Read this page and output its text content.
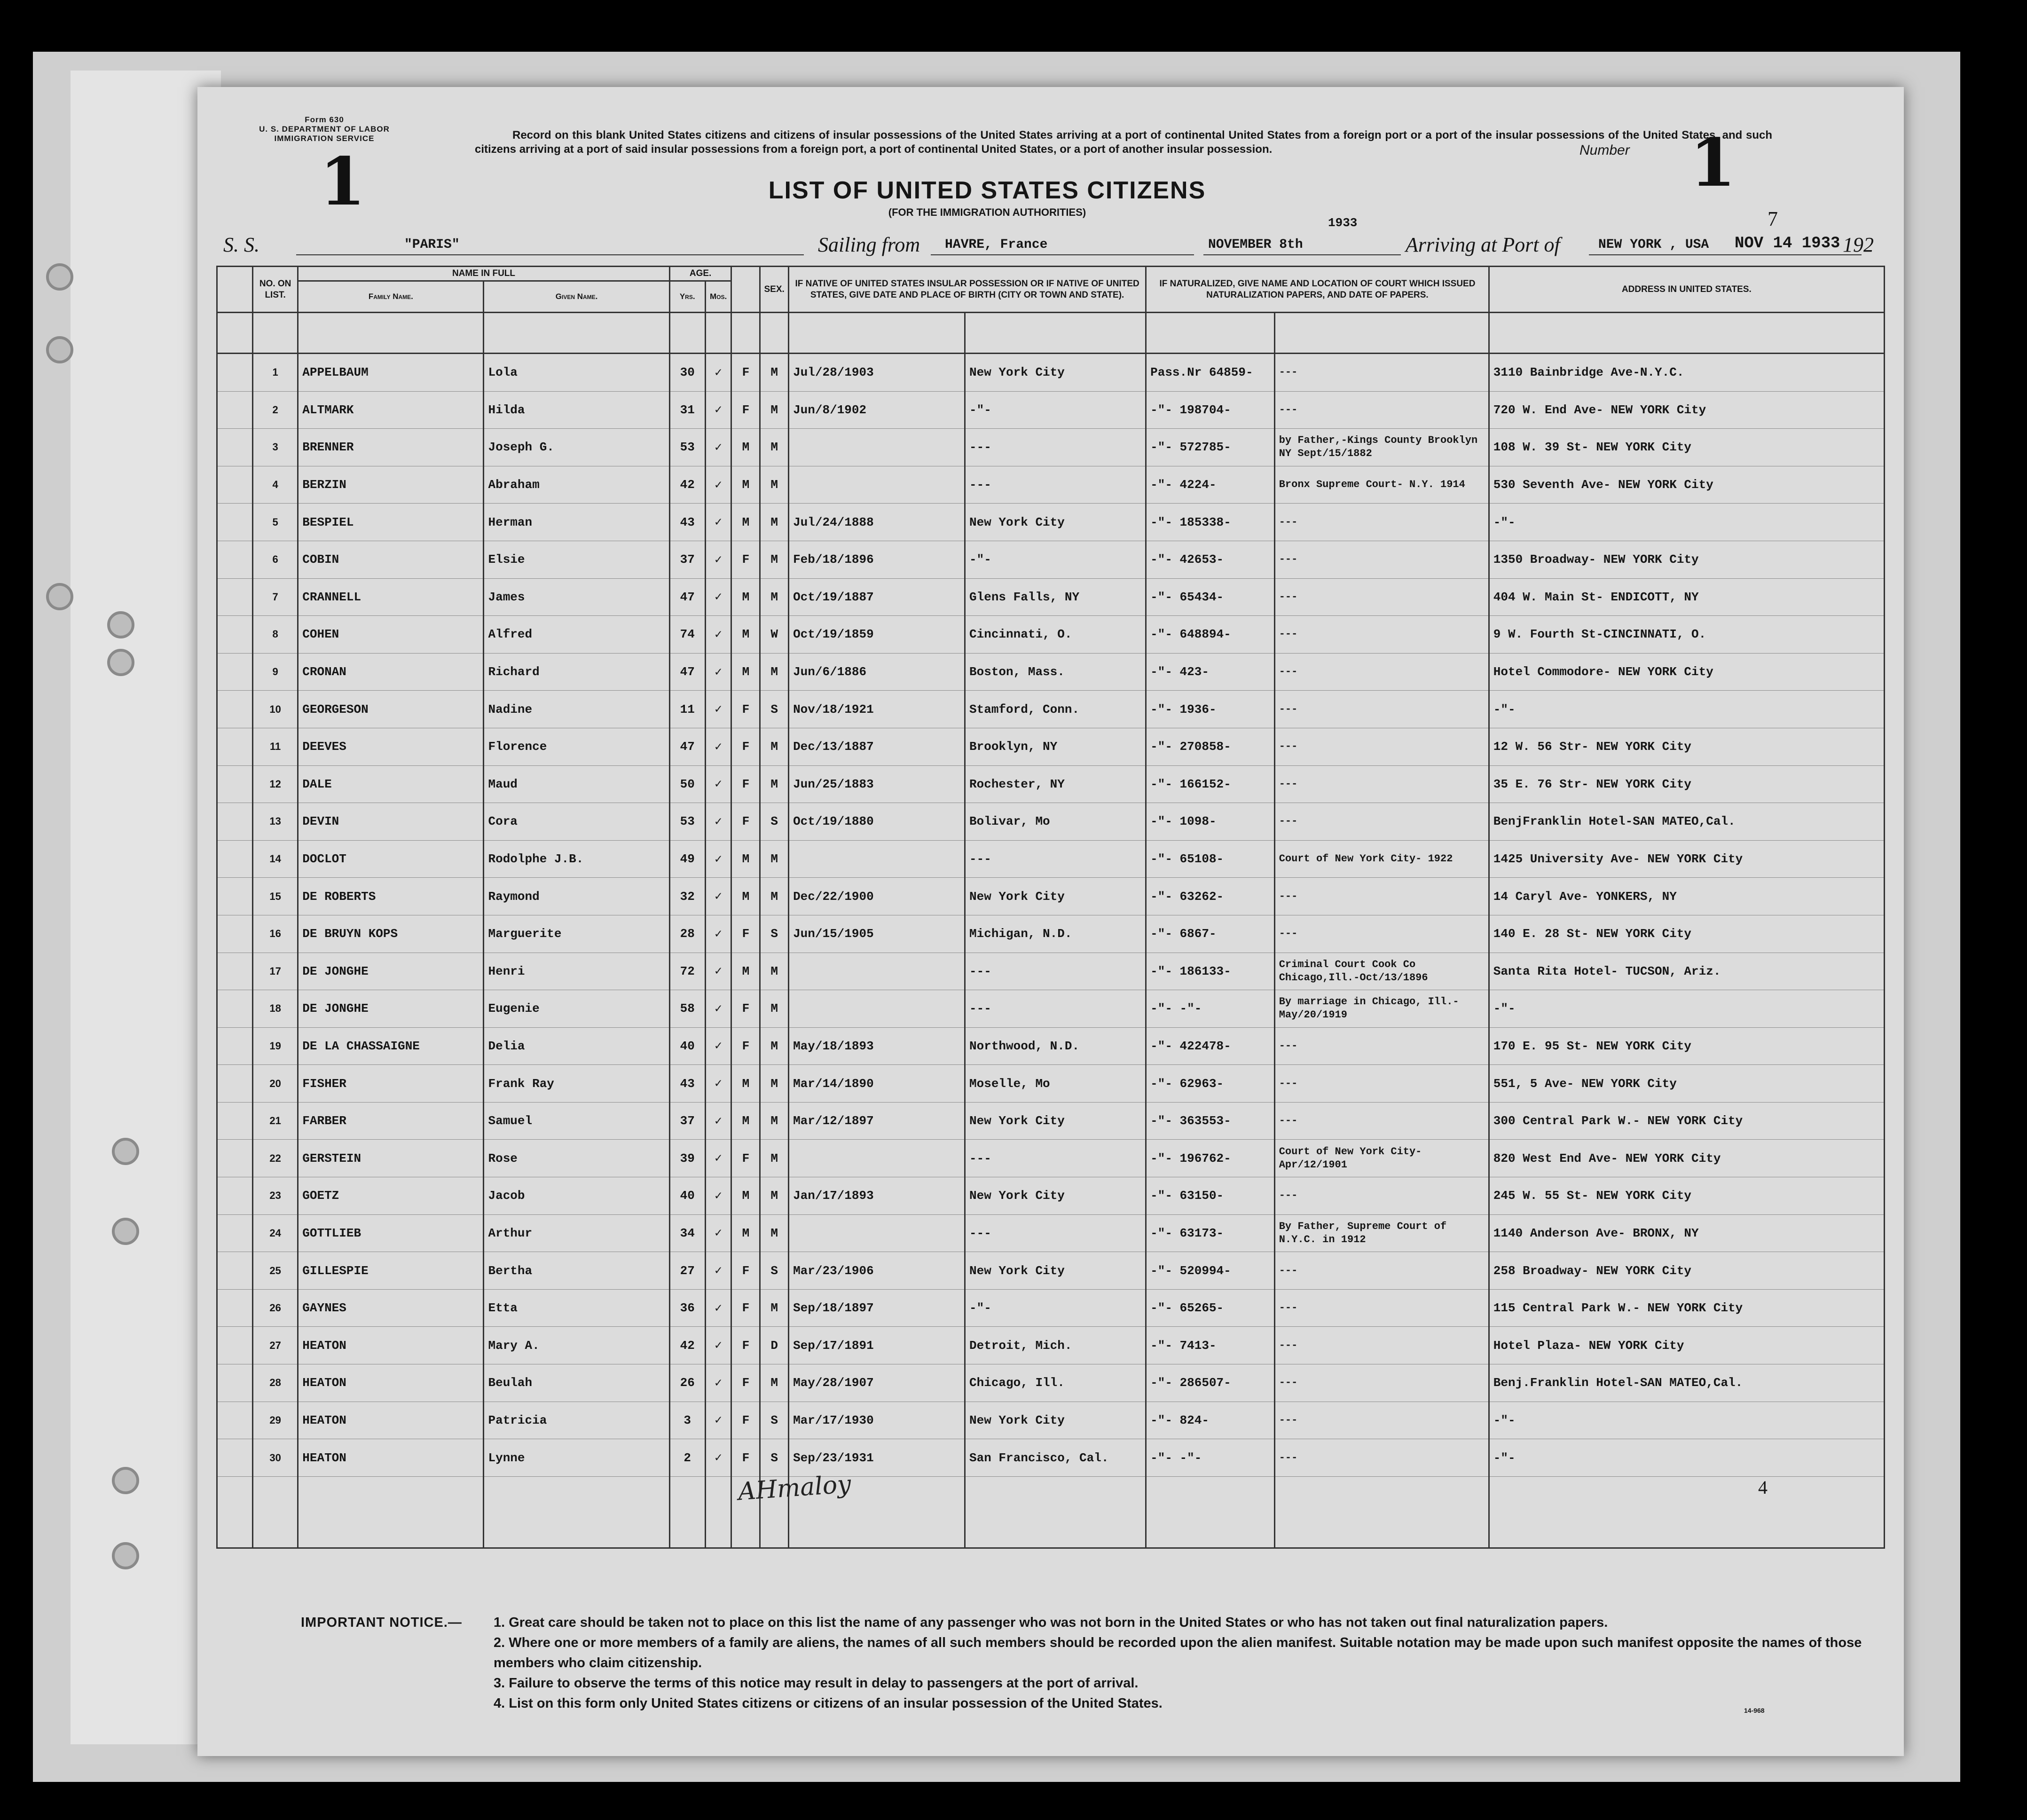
Form 630
U. S. DEPARTMENT OF LABOR
IMMIGRATION SERVICE
1
Record on this blank United States citizens and citizens of insular possessions of the United States arriving at a port of continental United States from a foreign port or a port of the insular possessions of the United States, and such citizens arriving at a port of said insular possessions from a foreign port, a port of continental United States, or a port of another insular possession.	Number 1
LIST OF UNITED STATES CITIZENS
(FOR THE IMMIGRATION AUTHORITIES)	7
S. S.	"PARIS"	Sailing from HAVRE, France	NOVEMBER 8th
1933
Arriving at Port of	NEW YORK , USA NOV 14 1933 192
	NO. ON LIST.	NAME IN FULL		AGE.			SEX.	IF NATIVE OF UNITED STATES INSULAR POSSESSION OR IF NATIVE OF UNITED STATES, GIVE DATE AND PLACE OF BIRTH (CITY OR TOWN AND STATE).		IF NATURALIZED, GIVE NAME AND LOCATION OF COURT WHICH ISSUED NATURALIZATION PAPERS, AND DATE OF PAPERS.		ADDRESS IN UNITED STATES.
		Family Name.	Given Name.	Yrs.	Mos.							

	1	APPELBAUM	Lola	30	✓	F	M	Jul/28/1903	New York City	Pass.Nr 64859-	---	3110 Bainbridge Ave-N.Y.C.
	2	ALTMARK	Hilda	31	✓	F	M	Jun/8/1902	-"-	-"- 198704-	---	720 W. End Ave- NEW YORK City
	3	BRENNER	Joseph G.	53	✓	M	M		---	-"- 572785-	by Father,-Kings County Brooklyn NY Sept/15/1882	108 W. 39 St- NEW YORK City
	4	BERZIN	Abraham	42	✓	M	M		---	-"- 4224-	Bronx Supreme Court- N.Y. 1914	530 Seventh Ave- NEW YORK City
	5	BESPIEL	Herman	43	✓	M	M	Jul/24/1888	New York City	-"- 185338-	---	-"-
	6	COBIN	Elsie	37	✓	F	M	Feb/18/1896	-"-	-"- 42653-	---	1350 Broadway- NEW YORK City
	7	CRANNELL	James	47	✓	M	M	Oct/19/1887	Glens Falls, NY	-"- 65434-	---	404 W. Main St- ENDICOTT, NY
	8	COHEN	Alfred	74	✓	M	W	Oct/19/1859	Cincinnati, O.	-"- 648894-	---	9 W. Fourth St-CINCINNATI, O.
	9	CRONAN	Richard	47	✓	M	M	Jun/6/1886	Boston, Mass.	-"- 423-	---	Hotel Commodore- NEW YORK City
	10	GEORGESON	Nadine	11	✓	F	S	Nov/18/1921	Stamford, Conn.	-"- 1936-	---	-"-
	11	DEEVES	Florence	47	✓	F	M	Dec/13/1887	Brooklyn, NY	-"- 270858-	---	12 W. 56 Str- NEW YORK City
	12	DALE	Maud	50	✓	F	M	Jun/25/1883	Rochester, NY	-"- 166152-	---	35 E. 76 Str- NEW YORK City
	13	DEVIN	Cora	53	✓	F	S	Oct/19/1880	Bolivar, Mo	-"- 1098-	---	BenjFranklin Hotel-SAN MATEO,Cal.
	14	DOCLOT	Rodolphe J.B.	49	✓	M	M		---	-"- 65108-	Court of New York City- 1922	1425 University Ave- NEW YORK City
	15	DE ROBERTS	Raymond	32	✓	M	M	Dec/22/1900	New York City	-"- 63262-	---	14 Caryl Ave- YONKERS, NY
	16	DE BRUYN KOPS	Marguerite	28	✓	F	S	Jun/15/1905	Michigan, N.D.	-"- 6867-	---	140 E. 28 St- NEW YORK City
	17	DE JONGHE	Henri	72	✓	M	M		---	-"- 186133-	Criminal Court Cook Co Chicago,Ill.-Oct/13/1896	Santa Rita Hotel- TUCSON, Ariz.
	18	DE JONGHE	Eugenie	58	✓	F	M		---	-"- -"-	By marriage in Chicago, Ill.- May/20/1919	-"-
	19	DE LA CHASSAIGNE	Delia	40	✓	F	M	May/18/1893	Northwood, N.D.	-"- 422478-	---	170 E. 95 St- NEW YORK City
	20	FISHER	Frank Ray	43	✓	M	M	Mar/14/1890	Moselle, Mo	-"- 62963-	---	551, 5 Ave- NEW YORK City
	21	FARBER	Samuel	37	✓	M	M	Mar/12/1897	New York City	-"- 363553-	---	300 Central Park W.- NEW YORK City
	22	GERSTEIN	Rose	39	✓	F	M		---	-"- 196762-	Court of New York City- Apr/12/1901	820 West End Ave- NEW YORK City
	23	GOETZ	Jacob	40	✓	M	M	Jan/17/1893	New York City	-"- 63150-	---	245 W. 55 St- NEW YORK City
	24	GOTTLIEB	Arthur	34	✓	M	M		---	-"- 63173-	By Father, Supreme Court of N.Y.C. in 1912	1140 Anderson Ave- BRONX, NY
	25	GILLESPIE	Bertha	27	✓	F	S	Mar/23/1906	New York City	-"- 520994-	---	258 Broadway- NEW YORK City
	26	GAYNES	Etta	36	✓	F	M	Sep/18/1897	-"-	-"- 65265-	---	115 Central Park W.- NEW YORK City
	27	HEATON	Mary A.	42	✓	F	D	Sep/17/1891	Detroit, Mich.	-"- 7413-	---	Hotel Plaza- NEW YORK City
	28	HEATON	Beulah	26	✓	F	M	May/28/1907	Chicago, Ill.	-"- 286507-	---	Benj.Franklin Hotel-SAN MATEO,Cal.
	29	HEATON	Patricia	3	✓	F	S	Mar/17/1930	New York City	-"- 824-	---	-"-
	30	HEATON	Lynne	2	✓	F	S	Sep/23/1931	San Francisco, Cal.	-"- -"-	---	-"-

AHmaloy	4
IMPORTANT NOTICE.— 1. Great care should be taken not to place on this list the name of any passenger who was not born in the United States or who has not taken out final naturalization papers.
2. Where one or more members of a family are aliens, the names of all such members should be recorded upon the alien manifest. Suitable notation may be made upon such manifest opposite the names of those members who claim citizenship.
3. Failure to observe the terms of this notice may result in delay to passengers at the port of arrival.
4. List on this form only United States citizens or citizens of an insular possession of the United States.	14-968
